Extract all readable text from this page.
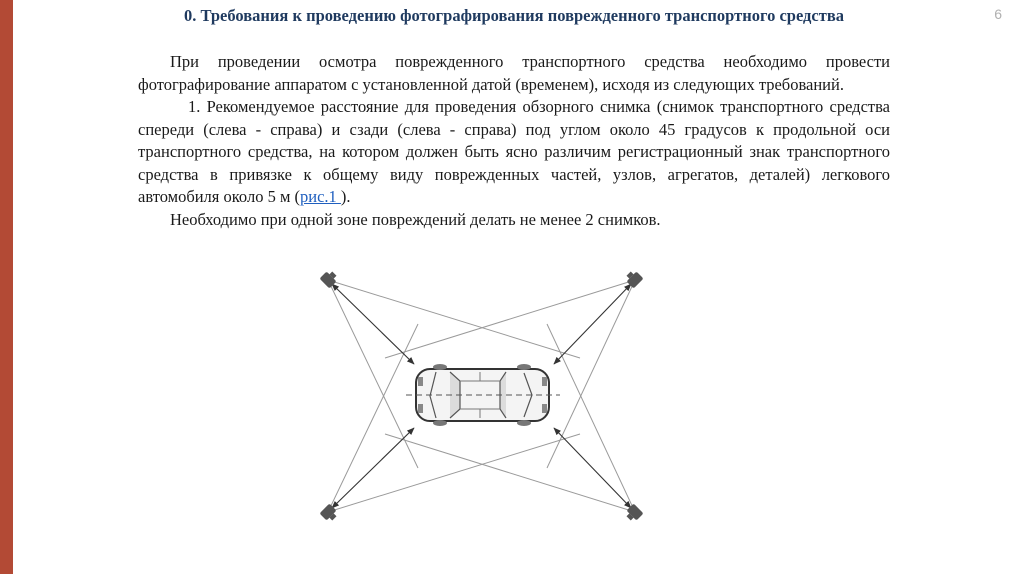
6
0. Требования к проведению фотографирования поврежденного транспортного средства

При проведении осмотра поврежденного транспортного средства необходимо провести фотографирование аппаратом с установленной датой (временем), исходя из следующих требований.

1. Рекомендуемое расстояние для проведения обзорного снимка (снимок транспортного средства спереди (слева - справа) и сзади (слева - справа) под углом около 45 градусов к продольной оси транспортного средства, на котором должен быть ясно различим регистрационный знак транспортного средства в привязке к общему виду поврежденных частей, узлов, агрегатов, деталей) легкового автомобиля около 5 м (рис.1 ).

Необходимо при одной зоне повреждений делать не менее 2 снимков.
